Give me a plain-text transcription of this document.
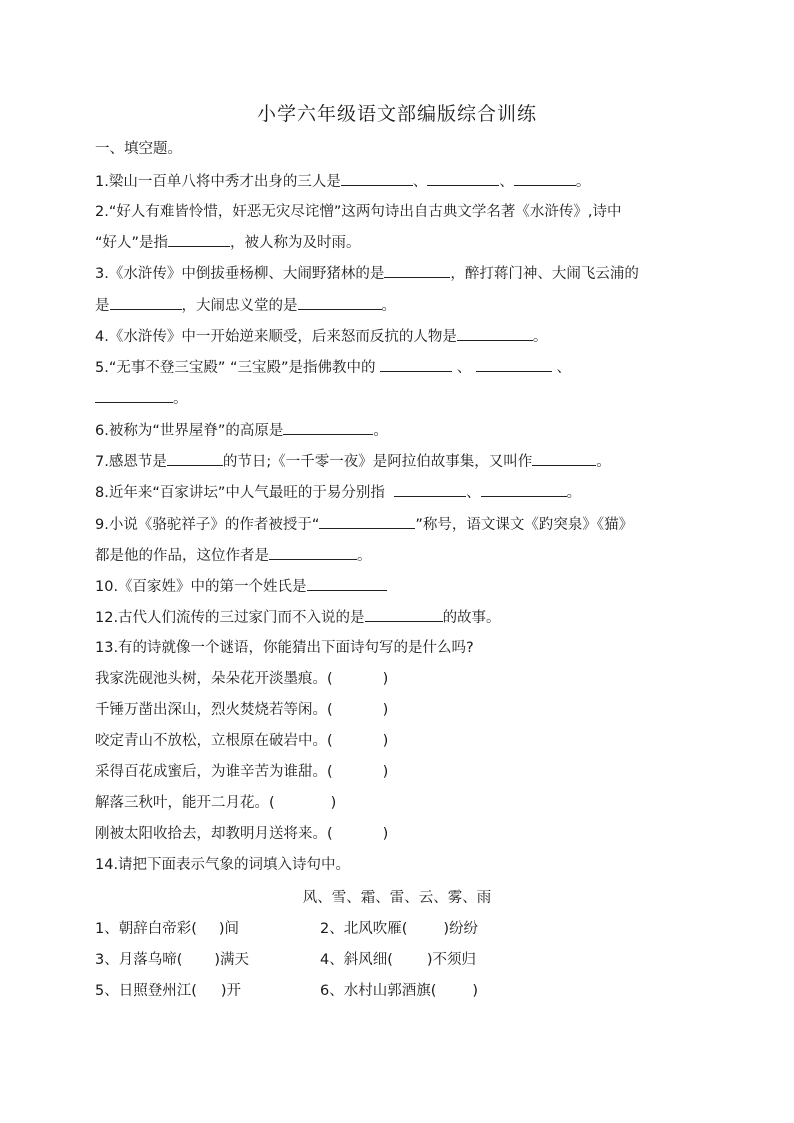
小学六年级语文部编版综合训练
一、填空题。
1.梁山一百单八将中秀才出身的三人是	、	、	。
2.“好人有难皆怜惜，奸恶无灾尽诧憎”这两句诗出自古典文学名著《水浒传》,诗中
“好人”是指	，被人称为及时雨。
3.《水浒传》中倒拔垂杨柳、大闹野猪林的是	，醉打蒋门神、大闹飞云浦的
是	，大闹忠义堂的是	。
4.《水浒传》中一开始逆来顺受，后来怒而反抗的人物是	。
5.“无事不登三宝殿” “三宝殿”是指佛教中的	、	、
。
6.被称为“世界屋脊”的高原是	。
7.感恩节是	的节日;《一千零一夜》是阿拉伯故事集，又叫作	。
8.近年来“百家讲坛”中人气最旺的于易分别指	、	。
9.小说《骆驼祥子》的作者被授于“	”称号，语文课文《趵突泉》《猫》
都是他的作品，这位作者是	。
10.《百家姓》中的第一个姓氏是
12.古代人们流传的三过家门而不入说的是	的故事。
13.有的诗就像一个谜语，你能猜出下面诗句写的是什么吗?
我家洗砚池头树，朵朵花开淡墨痕。(	)
千锤万凿出深山，烈火焚烧若等闲。(	)
咬定青山不放松，立根原在破岩中。(	)
采得百花成蜜后，为谁辛苦为谁甜。(	)
解落三秋叶，能开二月花。(	)
刚被太阳收拾去，却教明月送将来。(	)
14.请把下面表示气象的词填入诗句中。
风、雪、霜、雷、云、雾、雨
1、朝辞白帝彩( )间	2、北风吹雁( )纷纷
3、月落乌啼( )满天	4、斜风细( )不须归
5、日照登州江( )开	6、水村山郭酒旗( )
